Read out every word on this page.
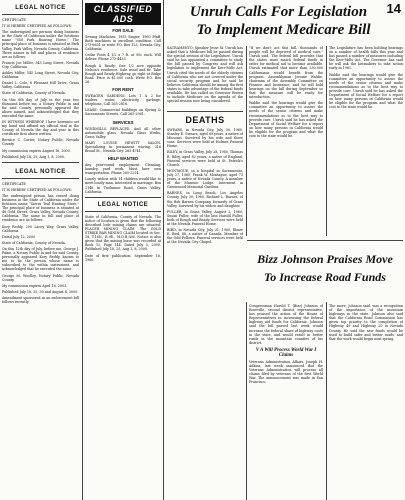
14
LEGAL NOTICE

CERTIFICATE

IT IS HEREBY CERTIFIED AS FOLLOWS:

The undersigned are persons doing business in the State of California under the fictitious name "Old Park Roaring Horse." The principal place of business is situated at Park Valley, Park Valley, Nevada County, California. Three names in full and places of residence are as follows:

Francis Joe Miller, 545 Long Street, Nevada City, California

Ashley Miller, 545 Long Street, Nevada City, California

Daniel L. Cole, 8 Pleasant Hill Drive, Grass Valley, California

State of California, County of Nevada.

On this 8th day of July in the year two thousand before me, a Notary Public in and for said County, personally appeared the above named, and acknowledged that they executed the same.

IN WITNESS WHEREOF I have hereunto set my hand and affixed my official seal in the County of Nevada the day and year in this certificate first above written.

Bernice C. Carter, Notary Public, Nevada County.

My commission expires August 16, 2000.

Published July 18, 25, Aug 1, 8, 2000.

LEGAL NOTICE

CERTIFICATE

IT IS HEREBY CERTIFIED AS FOLLOWS:

The undersigned person has ceased doing business in the State of California under the fictitious name "Sierra Teal Hunting Store." The principal place of business is situated at 48 Gold Street, Grass Valley, Nevada County, California. The name in full and place of residence are as follows:

Kory Reddy, 200 Lacey Way, Grass Valley, California

Dated July 12, 2000

State of California, County of Nevada.

On this 12th day of July, before me, George J. Paine, a Notary Public in and for said County, personally appeared Kory Reddy, known to me to be the person whose name is subscribed to the within instrument, and acknowledged that he executed the same.

George M. Woolley, Notary Public, Nevada County.

My commission expires April 16, 2003.

Published July 18, 25, 30 and August 4, 2000.

Amendment sponsored as an enforcement bill follows recently.

CLASSIFIED ADS
FOR SALE

Sewing Machines: 1955 Singer; 1960 Pfaff. Both machines in excellent condition. Call 273-6631 or write P.O. Box 123, Nevada City, California.

Cedar Posts 4 1/2 x 7 ft. at 90c each. Will deliver. Phone 273-4433.

Rough & Ready: One 1/2 acre opposite Nelson's residence. Sale wood and fir. Take Rough and Ready Highway, go right at Ridge Road. Price is $1,500 cash. Write P.O. Box 26.

FOR RENT

SWEAGEN GARDENS: Lots 1 & 2 for trailers, water, electricity, garbage, telephone. Call 265-2816.

LEASE: Commercial buildings on Spring & Sacramento Streets. Call 265-2961.

SERVICES

WINDMILLS REPLACED. And all other automobile glass. Nevada Glass Works, Grass Valley.

MARY LOUISE HEWITT SALON. Specializing in permanent waving. 316 Broad St., Nevada City. 265-4741.

HELP WANTED

Any year-round employment. Cleaning, laundry, yard work. Must have own transportation. Phone 265-2214.

Lonely widow with 14 children would like to meet lonely man, interested in marriage. Box 2148 in Tuolumne Road, Grass Valley, California.

LEGAL NOTICE

State of California, County of Nevada. The notice of location is given that the following described lode mining claims are situated: PLACER MINING CLAIM. The GOLD STRIKE BAR MINING CLAIM located in Sec. 18, T.16N., R.9E., M.D.B.&M. Notice is also given that the mining lease was recorded at Book 12, Page 144. Dated July 5, 2000. Published July 18, 25, Aug 1, 8, 2000.

Date of first publication: September 16, 1960.

Unruh Calls For Legislation
To Implement Medicare Bill

SACRAMENTO: Speaker Jesse M. Unruh has asked that a Medicare bill be passed during the special session of the Legislature. Unruh said he has appointed a committee to study the bill passed by Congress and will ask legislation to implement the Kerr-Mills Act. Unruh cited the needs of the elderly citizens of California who are not covered under the social security program and he said he believes California should be among the first states to take advantage of the federal funds available. He has called on Governor Brown to include Medicare on the agenda of the special session now being considered.

"If we don't act this fall, thousands of people will be deprived of medical care," Unruh said. The federal bill provides that the states must match federal funds in order for medical aid to become available. Unruh estimated that more than 250,000 Californians would benefit from the program. Assemblyman Jerome Waldie, chairman of the Assembly Committee on Finance and Insurance, said he will hold hearings on the bill during September so that the measure will be ready for introduction.

Waldie said the hearings would give the committee an opportunity to assess the needs of the senior citizens and make recommendations as to the best way to provide care. Unruh said he has asked the Department of Social Welfare for a report on how many persons in California would be eligible for the program and what the cost to the state would be.

The Legislature has been holding hearings on a number of health bills this year and has passed a number of measures including the Kerr-Mills Act. The Governor has said he will ask the lawmakers to take action early in 1961.

Waldie said the hearings would give the committee an opportunity to assess the needs of the senior citizens and make recommendations as to the best way to provide care. Unruh said he has asked the Department of Social Welfare for a report on how many persons in California would be eligible for the program and what the cost to the state would be.

DEATHS

SWEARS, in Nevada City, July 30, 1960, Stanley E. Swears, aged 69 years, a native of Missouri. Survived by his wife and three sons. Services were held at Holmes Funeral Home.

RILEY, in Grass Valley, July 28, 1960, Thomas R. Riley, aged 82 years, a native of England. Funeral services were held at St. Patrick's Church.

MONTAGUE, in a hospital in Sacramento, July 27, 1960, Frank W. Montague, aged 73 years, a native of Nevada County. A member of the Masonic Lodge. Interment in Greenwood Memorial Gardens.

BARNES, in Long Beach, Los Angeles County, July 30, 1960, Richard L. Barnes, of the Bob Barnes Company, formerly of Grass Valley. Survived by his widow and daughter.

FULLER, in Grass Valley, August 2, 1960, Susan Fuller, wife of the late Harold Fuller, both of Rough and Ready. Services were held at the Nevada Funeral Home.

BIRD, in Nevada City, July 31, 1960, Elmer E. Bird, 88, a native of Canada. Member of the Odd Fellows. Funeral services were held at the Nevada City Chapel.

Bizz Johnson Praises Move
To Increase Road Funds

Congressman Harold T. (Bizz) Johnson of Roseville, second district representative, has praised the action of the House of Representatives in increasing the federal highway aid funds for California. Johnson said the bill passed last week would increase the federal share of highway costs in the state, and would result in better roads in the mountain counties of his district.

V A Will Process World War I Claims

Veterans Administration Affairs, Joseph H. Adkins, last week announced that the Veterans Administration will process all claims filed by veterans of the first World War. The announcement was made in San Francisco.

The move, Johnson said, was a recognition of the importance of the mountain highways in the state. Johnson also said that the California Road Commission has given top priority to the completion of Highway 49 and Highway 20 in Nevada County. He said the new funds would be used to build safer and better roads, and that the work would begin next spring.
